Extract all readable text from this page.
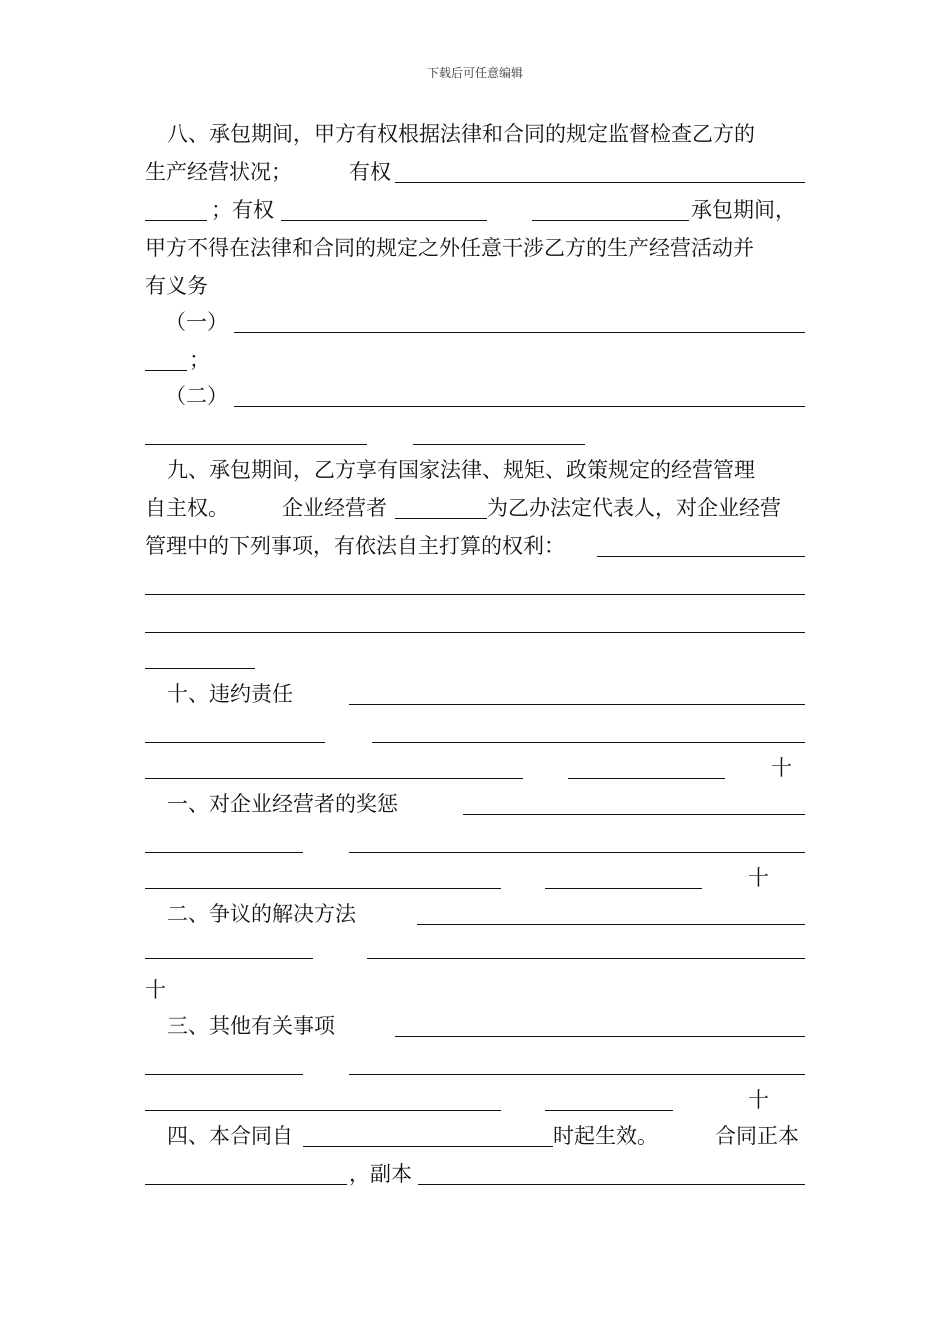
下载后可任意编辑
八、承包期间，甲方有权根据法律和合同的规定监督检查乙方的
生产经营状况；	有权
；有权	承包期间，
甲方不得在法律和合同的规定之外任意干涉乙方的生产经营活动并
有义务
（一）
；
（二）
九、承包期间，乙方享有国家法律、规矩、政策规定的经营管理
自主权。	企业经营者	为乙办法定代表人，对企业经营
管理中的下列事项，有依法自主打算的权利：
十、违约责任
十
一、对企业经营者的奖惩
十
二、争议的解决方法
十
三、其他有关事项
十
四、本合同自	时起生效。	合同正本
，副本
